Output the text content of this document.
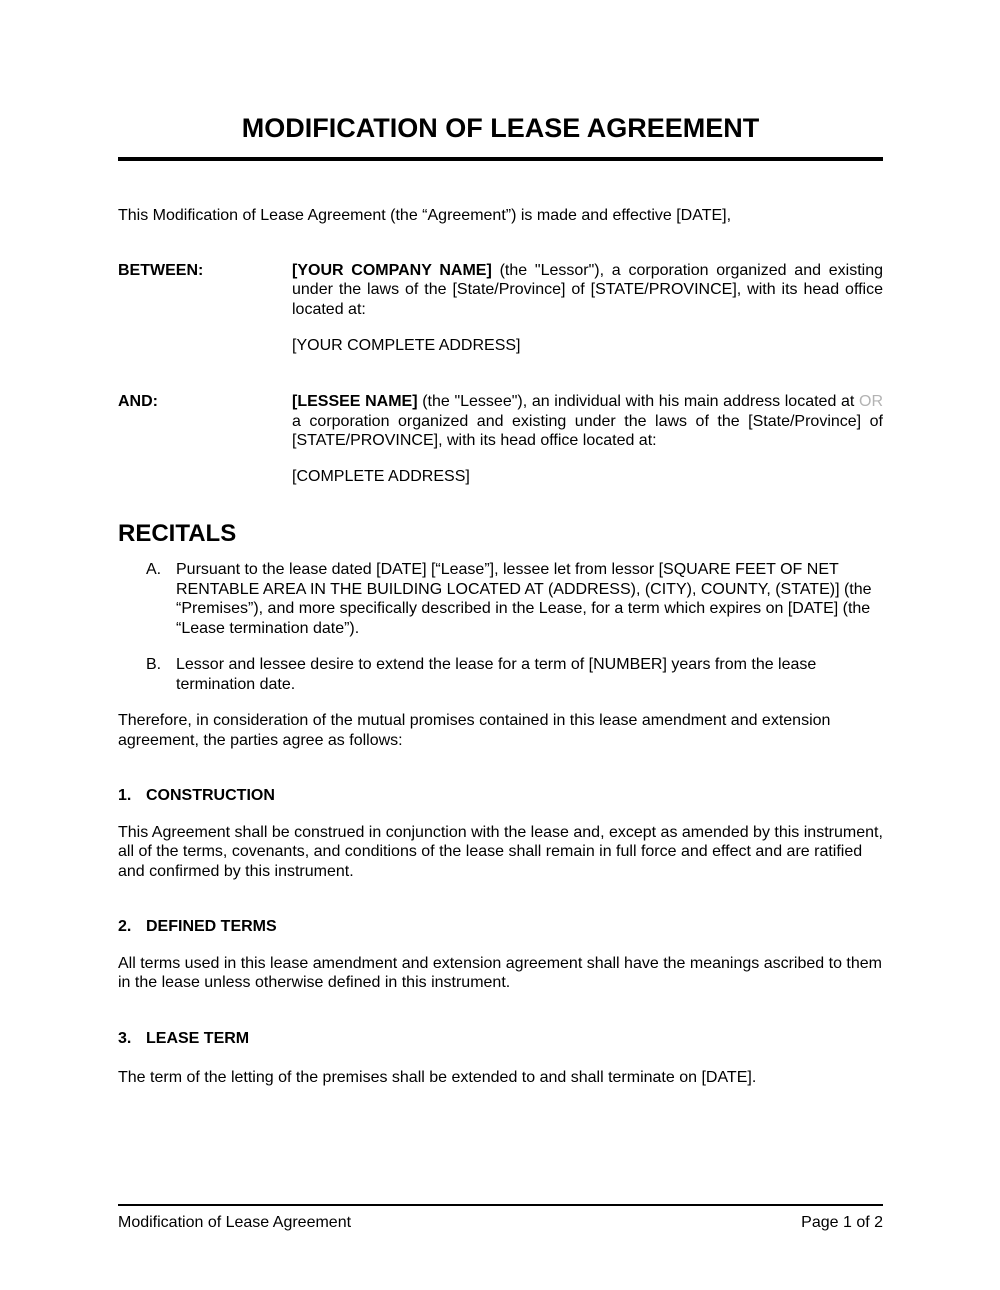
MODIFICATION OF LEASE AGREEMENT

This Modification of Lease Agreement (the “Agreement”) is made and effective [DATE],

BETWEEN:	[YOUR COMPANY NAME] (the "Lessor"), a corporation organized and existing under the laws of the [State/Province] of [STATE/PROVINCE], with its head office located at:

[YOUR COMPLETE ADDRESS]

AND:	[LESSEE NAME] (the "Lessee"), an individual with his main address located at OR a corporation organized and existing under the laws of the [State/Province] of [STATE/PROVINCE], with its head office located at:

[COMPLETE ADDRESS]

RECITALS
A. Pursuant to the lease dated [DATE] [“Lease”], lessee let from lessor [SQUARE FEET OF NET RENTABLE AREA IN THE BUILDING LOCATED AT (ADDRESS), (CITY), COUNTY, (STATE)] (the “Premises”), and more specifically described in the Lease, for a term which expires on [DATE] (the “Lease termination date”).
B. Lessor and lessee desire to extend the lease for a term of [NUMBER] years from the lease termination date.

Therefore, in consideration of the mutual promises contained in this lease amendment and extension agreement, the parties agree as follows:

1. CONSTRUCTION

This Agreement shall be construed in conjunction with the lease and, except as amended by this instrument, all of the terms, covenants, and conditions of the lease shall remain in full force and effect and are ratified and confirmed by this instrument.

2. DEFINED TERMS

All terms used in this lease amendment and extension agreement shall have the meanings ascribed to them in the lease unless otherwise defined in this instrument.

3. LEASE TERM

The term of the letting of the premises shall be extended to and shall terminate on [DATE].

Modification of Lease Agreement	Page 1 of 2
